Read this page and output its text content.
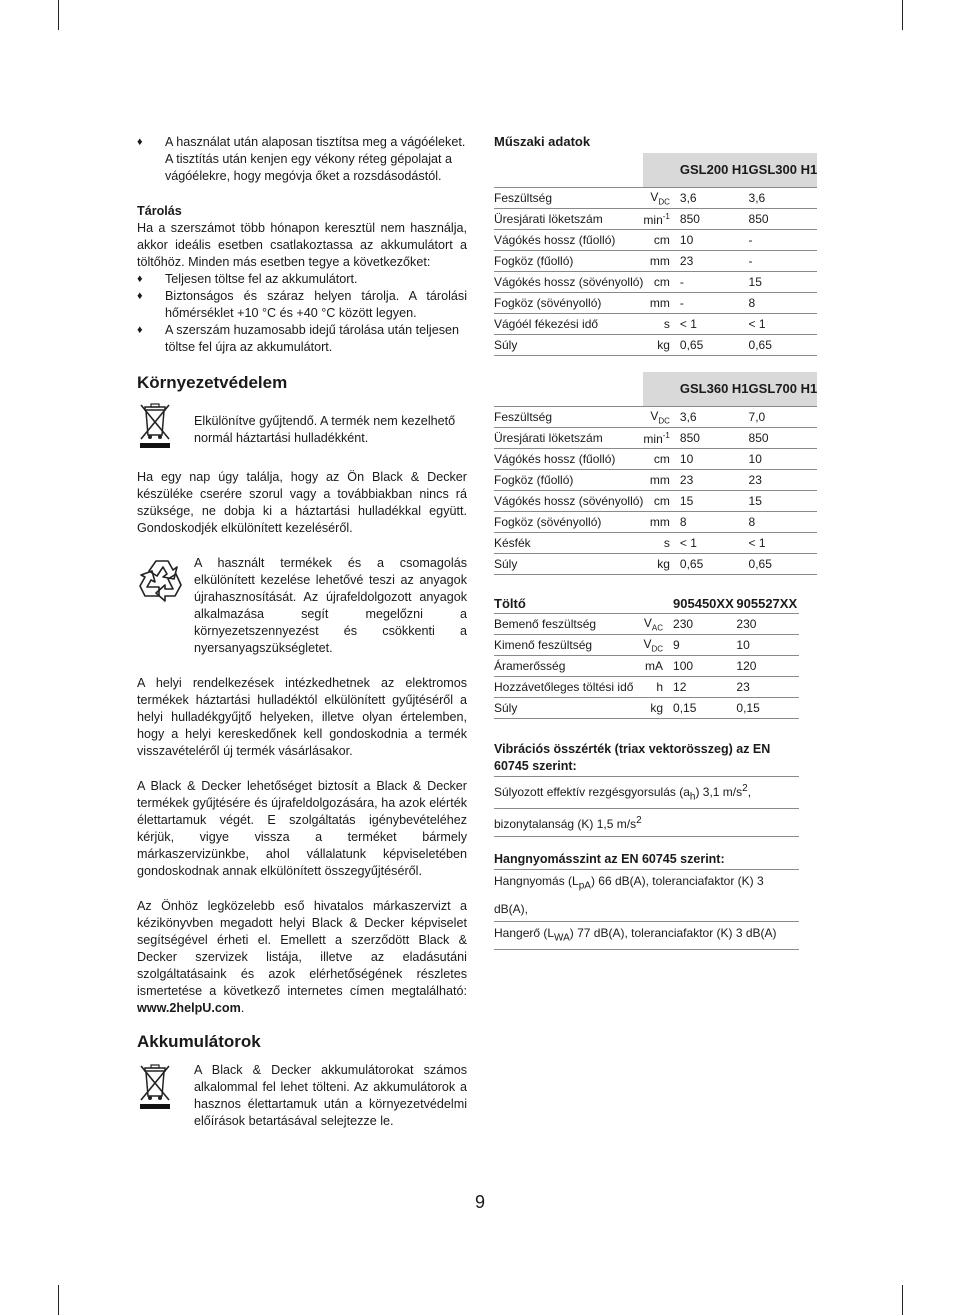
♦ A használat után alaposan tisztítsa meg a vágóéleket. A tisztítás után kenjen egy vékony réteg gépolajat a vágóélekre, hogy megóvja őket a rozsdásodástól.

Tárolás

Ha a szerszámot több hónapon keresztül nem használja, akkor ideális esetben csatlakoztassa az akkumulátort a töltőhöz. Minden más esetben tegye a következőket:

♦ Teljesen töltse fel az akkumulátort.

♦ Biztonságos és száraz helyen tárolja. A tárolási hőmérséklet +10 °C és +40 °C között legyen.

♦ A szerszám huzamosabb idejű tárolása után teljesen töltse fel újra az akkumulátort.

Környezetvédelem

Elkülönítve gyűjtendő. A termék nem kezelhető normál háztartási hulladékként.

Ha egy nap úgy találja, hogy az Ön Black & Decker készüléke cserére szorul vagy a továbbiakban nincs rá szüksége, ne dobja ki a háztartási hulladékkal együtt. Gondoskodjék elkülönített kezeléséről.

A használt termékek és a csomagolás elkülönített kezelése lehetővé teszi az anyagok újrahasznosítását. Az újrafeldolgozott anyagok alkalmazása segít megelőzni a környezetszennyezést és csökkenti a nyersanyagszükségletet.

A helyi rendelkezések intézkedhetnek az elektromos termékek háztartási hulladéktól elkülönített gyűjtéséről a helyi hulladékgyűjtő helyeken, illetve olyan értelemben, hogy a helyi kereskedőnek kell gondoskodnia a termék visszavételéről új termék vásárlásakor.

A Black & Decker lehetőséget biztosít a Black & Decker termékek gyűjtésére és újrafeldolgozására, ha azok elérték élettartamuk végét. E szolgáltatás igénybevételéhez kérjük, vigye vissza a terméket bármely márkaszervizünkbe, ahol vállalatunk képviseletében gondoskodnak annak elkülönített összegyűjtéséről.

Az Önhöz legközelebb eső hivatalos márkaszervizt a kézikönyvben megadott helyi Black & Decker képviselet segítségével érheti el. Emellett a szerződött Black & Decker szervizek listája, illetve az eladásutáni szolgáltatásaink és azok elérhetőségének részletes ismertetése a következő internetes címen megtalálható: www.2helpU.com.

Akkumulátorok

A Black & Decker akkumulátorokat számos alkalommal fel lehet tölteni. Az akkumulátorok a hasznos élettartamuk után a környezetvédelmi előírások betartásával selejtezze le.

Műszaki adatok

		GSL200 H1	GSL300 H1
Feszültség	$V_{DC}$	3,6	3,6
Üresjárati löketszám	$\min^{-1}$	850	850
Vágókés hossz (fűolló)	cm	10	-
Fogköz (fűolló)	mm	23	-
Vágókés hossz (sövényolló)	cm	-	15
Fogköz (sövényolló)	mm	-	8
Vágóél fékezési idő	s	< 1	< 1
Súly	kg	0,65	0,65
		GSL360 H1	GSL700 H1
Feszültség	$V_{DC}$	3,6	7,0
Üresjárati löketszám	$\min^{-1}$	850	850
Vágókés hossz (fűolló)	cm	10	10
Fogköz (fűolló)	mm	23	23
Vágókés hossz (sövényolló)	cm	15	15
Fogköz (sövényolló)	mm	8	8
Késfék	s	< 1	< 1
Súly	kg	0,65	0,65
Töltő		905450XX	905527XX
Bemenő feszültség	$V_{AC}$	230	230
Kimenő feszültség	$V_{DC}$	9	10
Áramerősség	mA	100	120
Hozzávetőleges töltési idő	h	12	23
Súly	kg	0,15	0,15

Vibrációs összérték (triax vektorösszeg) az EN 60745 szerint:

Súlyozott effektív rezgésgyorsulás $(a_h)$ 3,1 $m/s^2$,

bizonytalanság (K) 1,5 $m/s^2$

Hangnyomásszint az EN 60745 szerint:

Hangnyomás $(L_{pA})$ 66 dB(A), toleranciafaktor (K) 3 dB(A),

Hangerő $(L_{WA})$ 77 dB(A), toleranciafaktor (K) 3 dB(A)

9
